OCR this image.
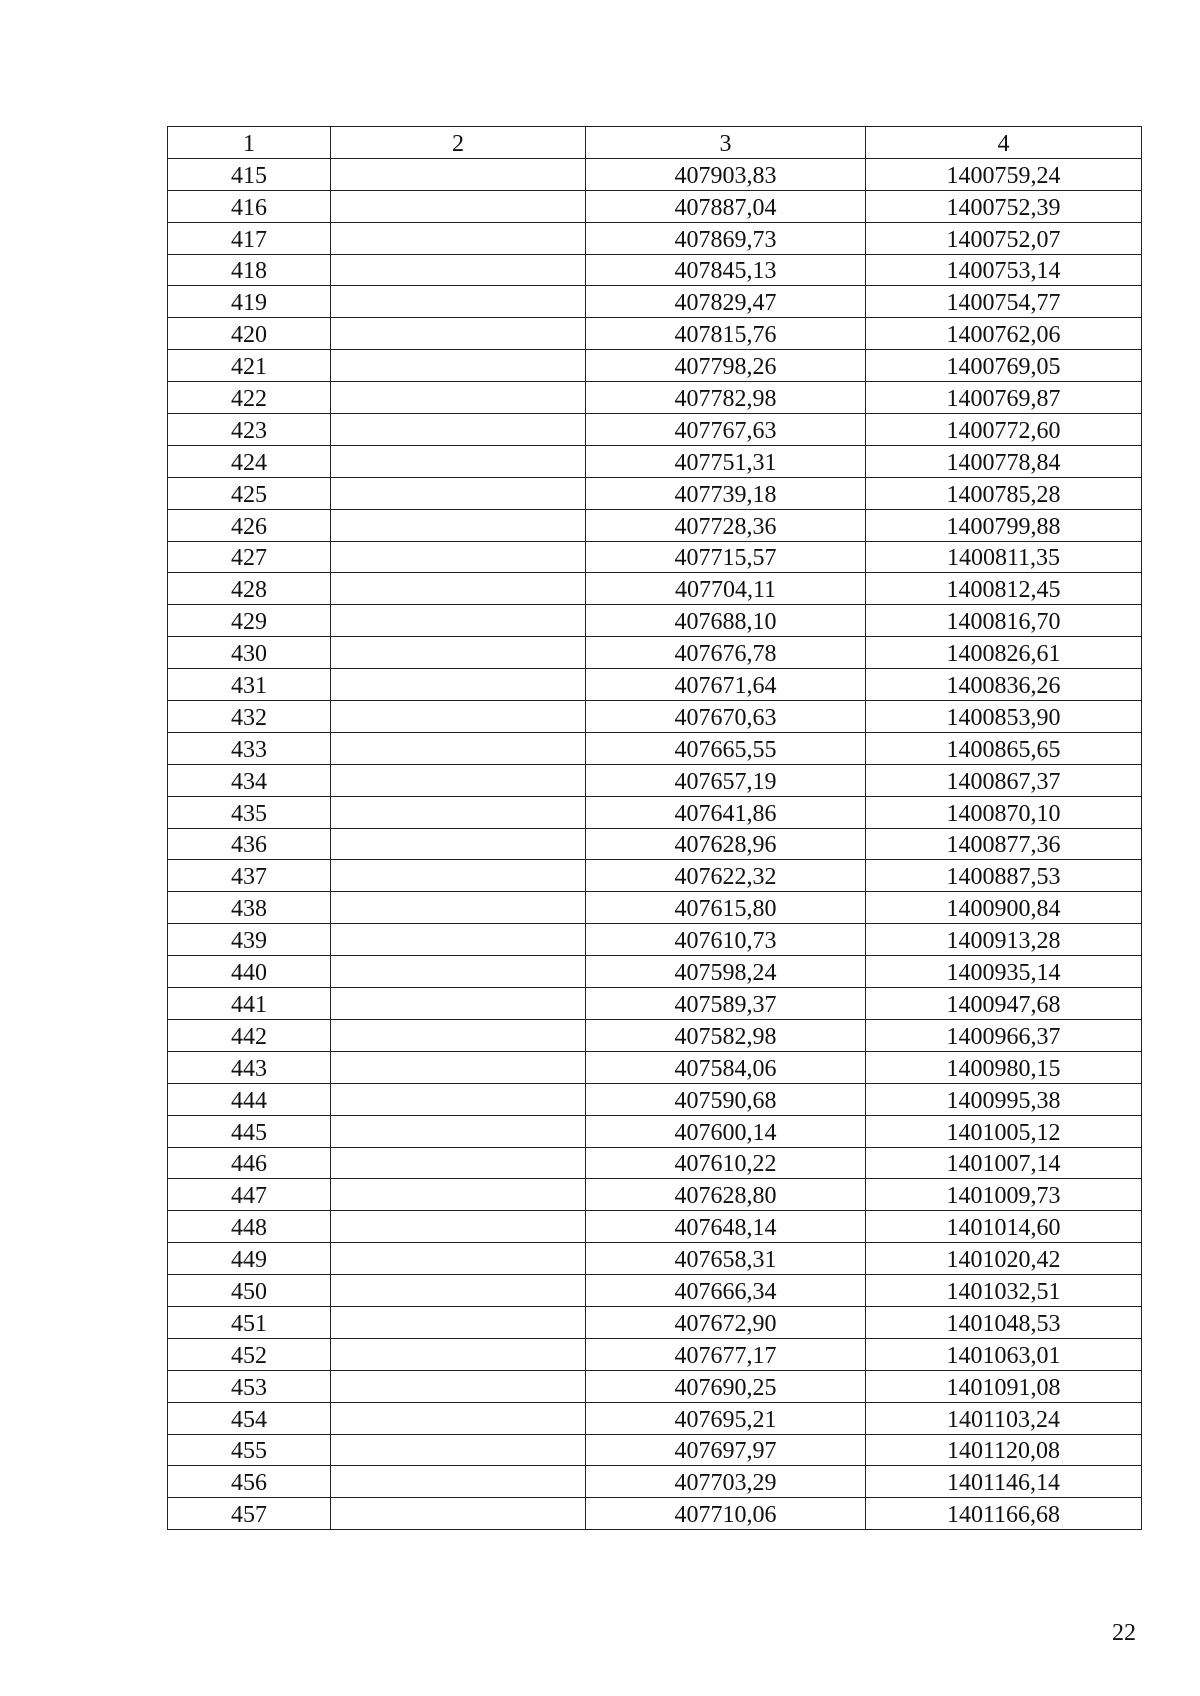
1	2	3	4
415		407903,83	1400759,24
416		407887,04	1400752,39
417		407869,73	1400752,07
418		407845,13	1400753,14
419		407829,47	1400754,77
420		407815,76	1400762,06
421		407798,26	1400769,05
422		407782,98	1400769,87
423		407767,63	1400772,60
424		407751,31	1400778,84
425		407739,18	1400785,28
426		407728,36	1400799,88
427		407715,57	1400811,35
428		407704,11	1400812,45
429		407688,10	1400816,70
430		407676,78	1400826,61
431		407671,64	1400836,26
432		407670,63	1400853,90
433		407665,55	1400865,65
434		407657,19	1400867,37
435		407641,86	1400870,10
436		407628,96	1400877,36
437		407622,32	1400887,53
438		407615,80	1400900,84
439		407610,73	1400913,28
440		407598,24	1400935,14
441		407589,37	1400947,68
442		407582,98	1400966,37
443		407584,06	1400980,15
444		407590,68	1400995,38
445		407600,14	1401005,12
446		407610,22	1401007,14
447		407628,80	1401009,73
448		407648,14	1401014,60
449		407658,31	1401020,42
450		407666,34	1401032,51
451		407672,90	1401048,53
452		407677,17	1401063,01
453		407690,25	1401091,08
454		407695,21	1401103,24
455		407697,97	1401120,08
456		407703,29	1401146,14
457		407710,06	1401166,68
22
